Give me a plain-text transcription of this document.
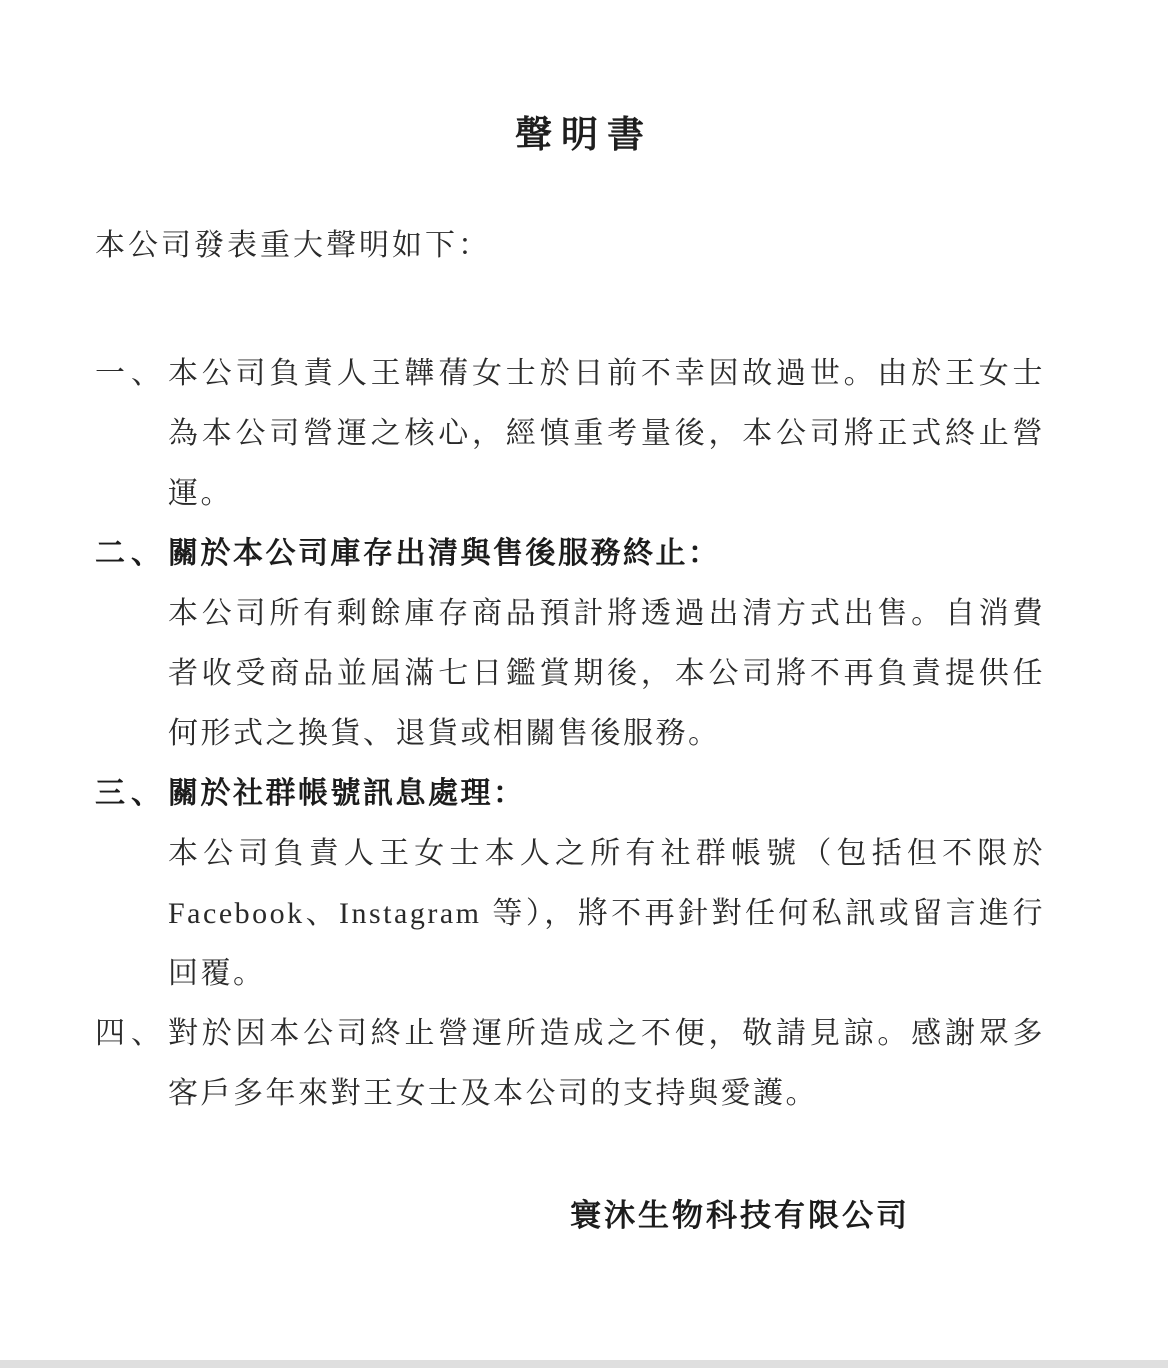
聲明書
本公司發表重大聲明如下：
一、 本公司負責人王韡蒨女士於日前不幸因故過世。由於王女士為本公司營運之核心，經慎重考量後，本公司將正式終止營運。
二、 關於本公司庫存出清與售後服務終止：
本公司所有剩餘庫存商品預計將透過出清方式出售。自消費者收受商品並屆滿七日鑑賞期後，本公司將不再負責提供任何形式之換貨、退貨或相關售後服務。
三、 關於社群帳號訊息處理：
本公司負責人王女士本人之所有社群帳號（包括但不限於 Facebook、Instagram 等），將不再針對任何私訊或留言進行回覆。
四、 對於因本公司終止營運所造成之不便，敬請見諒。感謝眾多客戶多年來對王女士及本公司的支持與愛護。
寰沐生物科技有限公司
